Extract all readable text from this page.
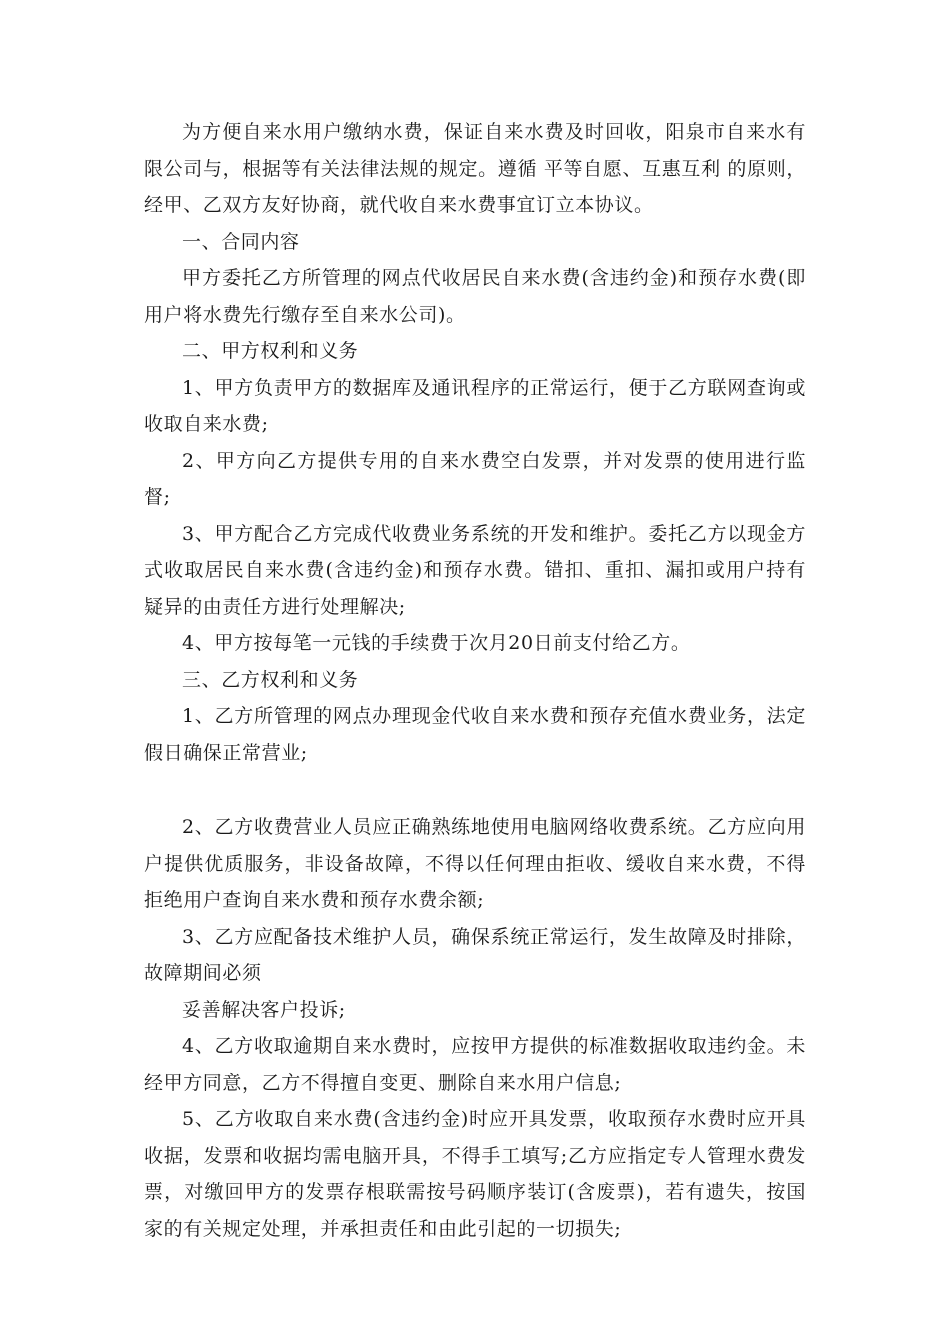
为方便自来水用户缴纳水费，保证自来水费及时回收，阳泉市自来水有限公司与，根据等有关法律法规的规定。遵循 平等自愿、互惠互利 的原则，经甲、乙双方友好协商，就代收自来水费事宜订立本协议。

一、合同内容

甲方委托乙方所管理的网点代收居民自来水费(含违约金)和预存水费(即用户将水费先行缴存至自来水公司)。

二、甲方权利和义务

1、甲方负责甲方的数据库及通讯程序的正常运行，便于乙方联网查询或收取自来水费;

2、甲方向乙方提供专用的自来水费空白发票，并对发票的使用进行监督;

3、甲方配合乙方完成代收费业务系统的开发和维护。委托乙方以现金方式收取居民自来水费(含违约金)和预存水费。错扣、重扣、漏扣或用户持有疑异的由责任方进行处理解决;

4、甲方按每笔一元钱的手续费于次月20日前支付给乙方。

三、乙方权利和义务

1、乙方所管理的网点办理现金代收自来水费和预存充值水费业务，法定假日确保正常营业;

2、乙方收费营业人员应正确熟练地使用电脑网络收费系统。乙方应向用户提供优质服务，非设备故障，不得以任何理由拒收、缓收自来水费，不得拒绝用户查询自来水费和预存水费余额;

3、乙方应配备技术维护人员，确保系统正常运行，发生故障及时排除，故障期间必须

妥善解决客户投诉;

4、乙方收取逾期自来水费时，应按甲方提供的标准数据收取违约金。未经甲方同意，乙方不得擅自变更、删除自来水用户信息;

5、乙方收取自来水费(含违约金)时应开具发票，收取预存水费时应开具收据，发票和收据均需电脑开具，不得手工填写;乙方应指定专人管理水费发票，对缴回甲方的发票存根联需按号码顺序装订(含废票)，若有遗失，按国家的有关规定处理，并承担责任和由此引起的一切损失;
